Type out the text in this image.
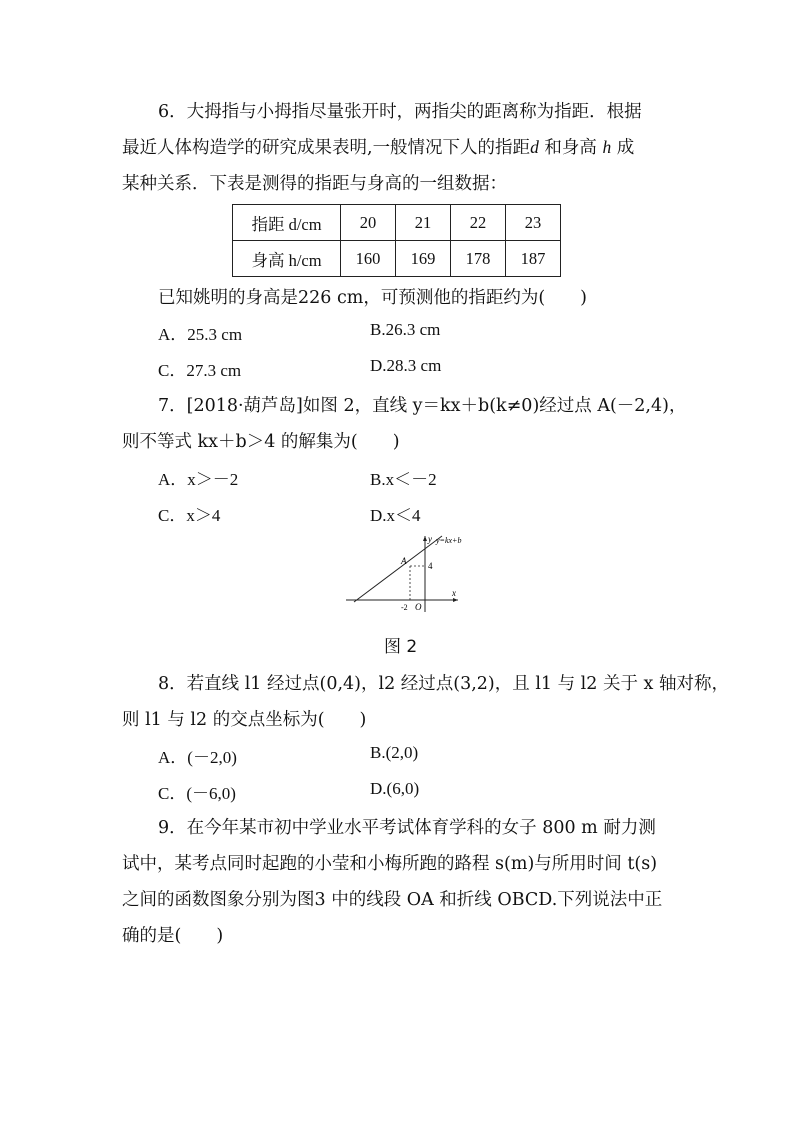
6．大拇指与小拇指尽量张开时，两指尖的距离称为指距．根据
最近人体构造学的研究成果表明,一般情况下人的指距d 和身高 h 成
某种关系．下表是测得的指距与身高的一组数据：
指距 d/cm	20	21	22	23
身高 h/cm	160	169	178	187
已知姚明的身高是226 cm，可预测他的指距约为(　　)
A．25.3 cm	B.26.3 cm
C．27.3 cm	D.28.3 cm
7．[2018·葫芦岛]如图 2，直线 y＝kx＋b(k≠0)经过点 A(－2,4)，
则不等式 kx＋b＞4 的解集为(　　)
A．x＞－2	B.x＜－2
C．x＞4	D.x＜4
y y=kx+b
A 4
x
-2 O
图 2
8．若直线 l1 经过点(0,4)，l2 经过点(3,2)，且 l1 与 l2 关于 x 轴对称，
则 l1 与 l2 的交点坐标为(　　)
A．(－2,0)	B.(2,0)
C．(－6,0)	D.(6,0)
9．在今年某市初中学业水平考试体育学科的女子 800 m 耐力测
试中，某考点同时起跑的小莹和小梅所跑的路程 s(m)与所用时间 t(s)
之间的函数图象分别为图3 中的线段 OA 和折线 OBCD.下列说法中正
确的是(　　)
